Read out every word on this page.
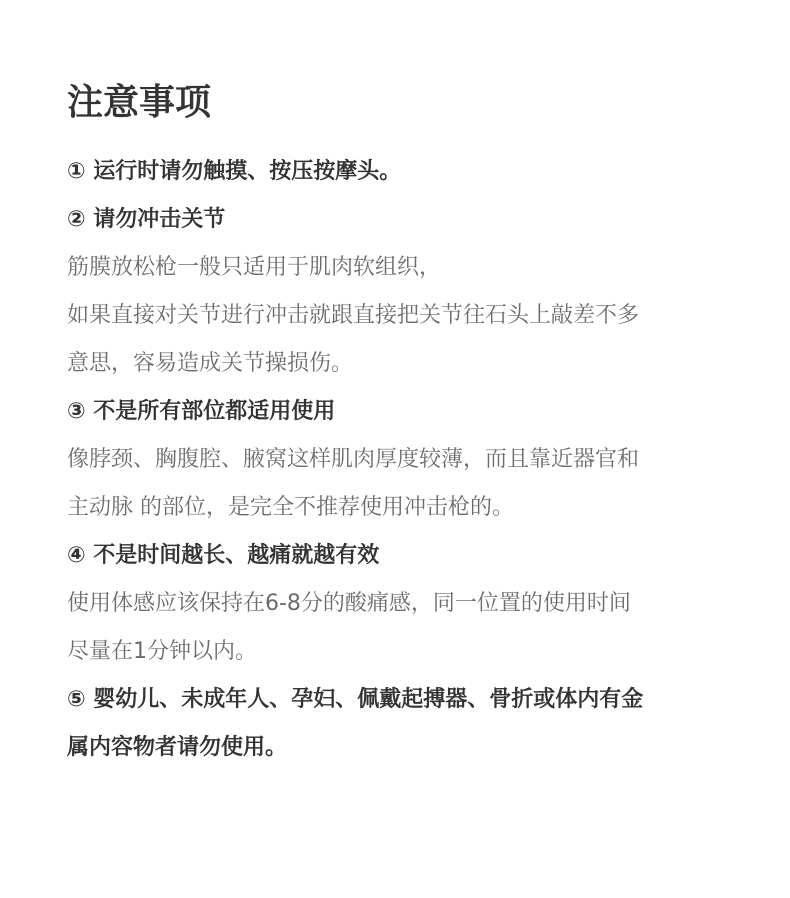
注意事项

① 运行时请勿触摸、按压按摩头。

② 请勿冲击关节

筋膜放松枪一般只适用于肌肉软组织，

如果直接对关节进行冲击就跟直接把关节往石头上敲差不多

意思，容易造成关节操损伤。

③ 不是所有部位都适用使用

像脖颈、胸腹腔、腋窝这样肌肉厚度较薄，而且靠近器官和

主动脉 的部位，是完全不推荐使用冲击枪的。

④ 不是时间越长、越痛就越有效

使用体感应该保持在6-8分的酸痛感，同一位置的使用时间

尽量在1分钟以内。

⑤ 婴幼儿、未成年人、孕妇、佩戴起搏器、骨折或体内有金

属内容物者请勿使用。
